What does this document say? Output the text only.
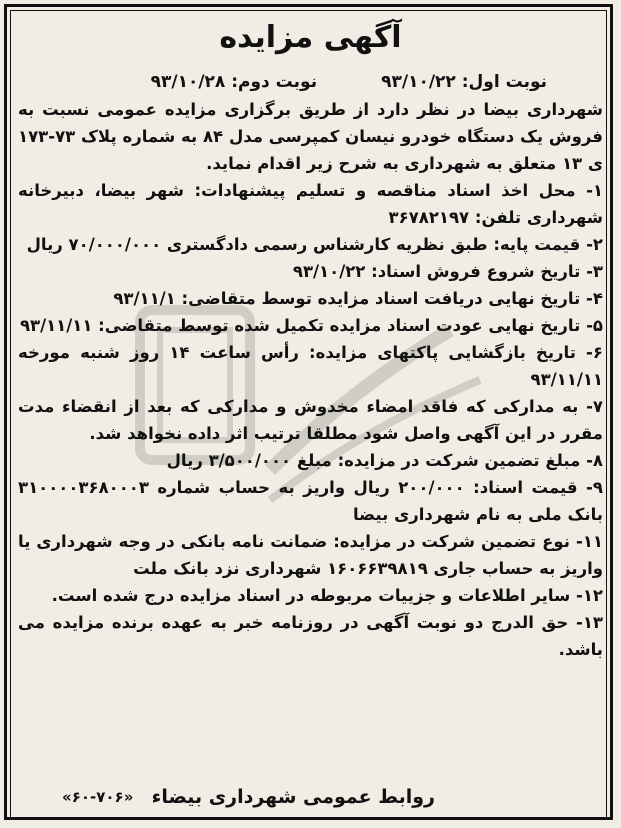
آگهی مزایده
نوبت اول: ۹۳/۱۰/۲۲
نوبت دوم: ۹۳/۱۰/۲۸

شهرداری بیضا در نظر دارد از طریق برگزاری مزایده عمومی نسبت به فروش یک دستگاه خودرو نیسان کمپرسی مدل ۸۴ به شماره پلاک ۷۳-۱۷۳ ی ۱۳ متعلق به شهرداری به شرح زیر اقدام نماید.

۱- محل اخذ اسناد مناقصه و تسلیم پیشنهادات: شهر بیضا، دبیرخانه شهرداری تلفن: ۳۶۷۸۲۱۹۷

۲- قیمت پایه: طبق نظریه کارشناس رسمی دادگستری ۷۰/۰۰۰/۰۰۰ ریال

۳- تاریخ شروع فروش اسناد: ۹۳/۱۰/۲۲

۴- تاریخ نهایی دریافت اسناد مزایده توسط متقاضی: ۹۳/۱۱/۱

۵- تاریخ نهایی عودت اسناد مزایده تکمیل شده توسط متقاضی: ۹۳/۱۱/۱۱

۶- تاریخ بازگشایی پاکتهای مزایده: رأس ساعت ۱۴ روز شنبه مورخه ۹۳/۱۱/۱۱

۷- به مدارکی که فاقد امضاء مخدوش و مدارکی که بعد از انقضاء مدت مقرر در این آگهی واصل شود مطلقا ترتیب اثر داده نخواهد شد.

۸- مبلغ تضمین شرکت در مزایده: مبلغ ۳/۵۰۰/۰۰۰ ریال

۹- قیمت اسناد: ۲۰۰/۰۰۰ ریال واریز به حساب شماره ۳۱۰۰۰۰۳۶۸۰۰۰۳ بانک ملی به نام شهرداری بیضا

۱۱- نوع تضمین شرکت در مزایده: ضمانت نامه بانکی در وجه شهرداری یا واریز به حساب جاری ۱۶۰۶۶۳۹۸۱۹ شهرداری نزد بانک ملت

۱۲- سایر اطلاعات و جزییات مربوطه در اسناد مزایده درج شده است.

۱۳- حق الدرج دو نوبت آگهی در روزنامه خبر به عهده برنده مزایده می باشد.

روابط عمومی شهرداری بیضاء
«۶۰-۷۰۶»
